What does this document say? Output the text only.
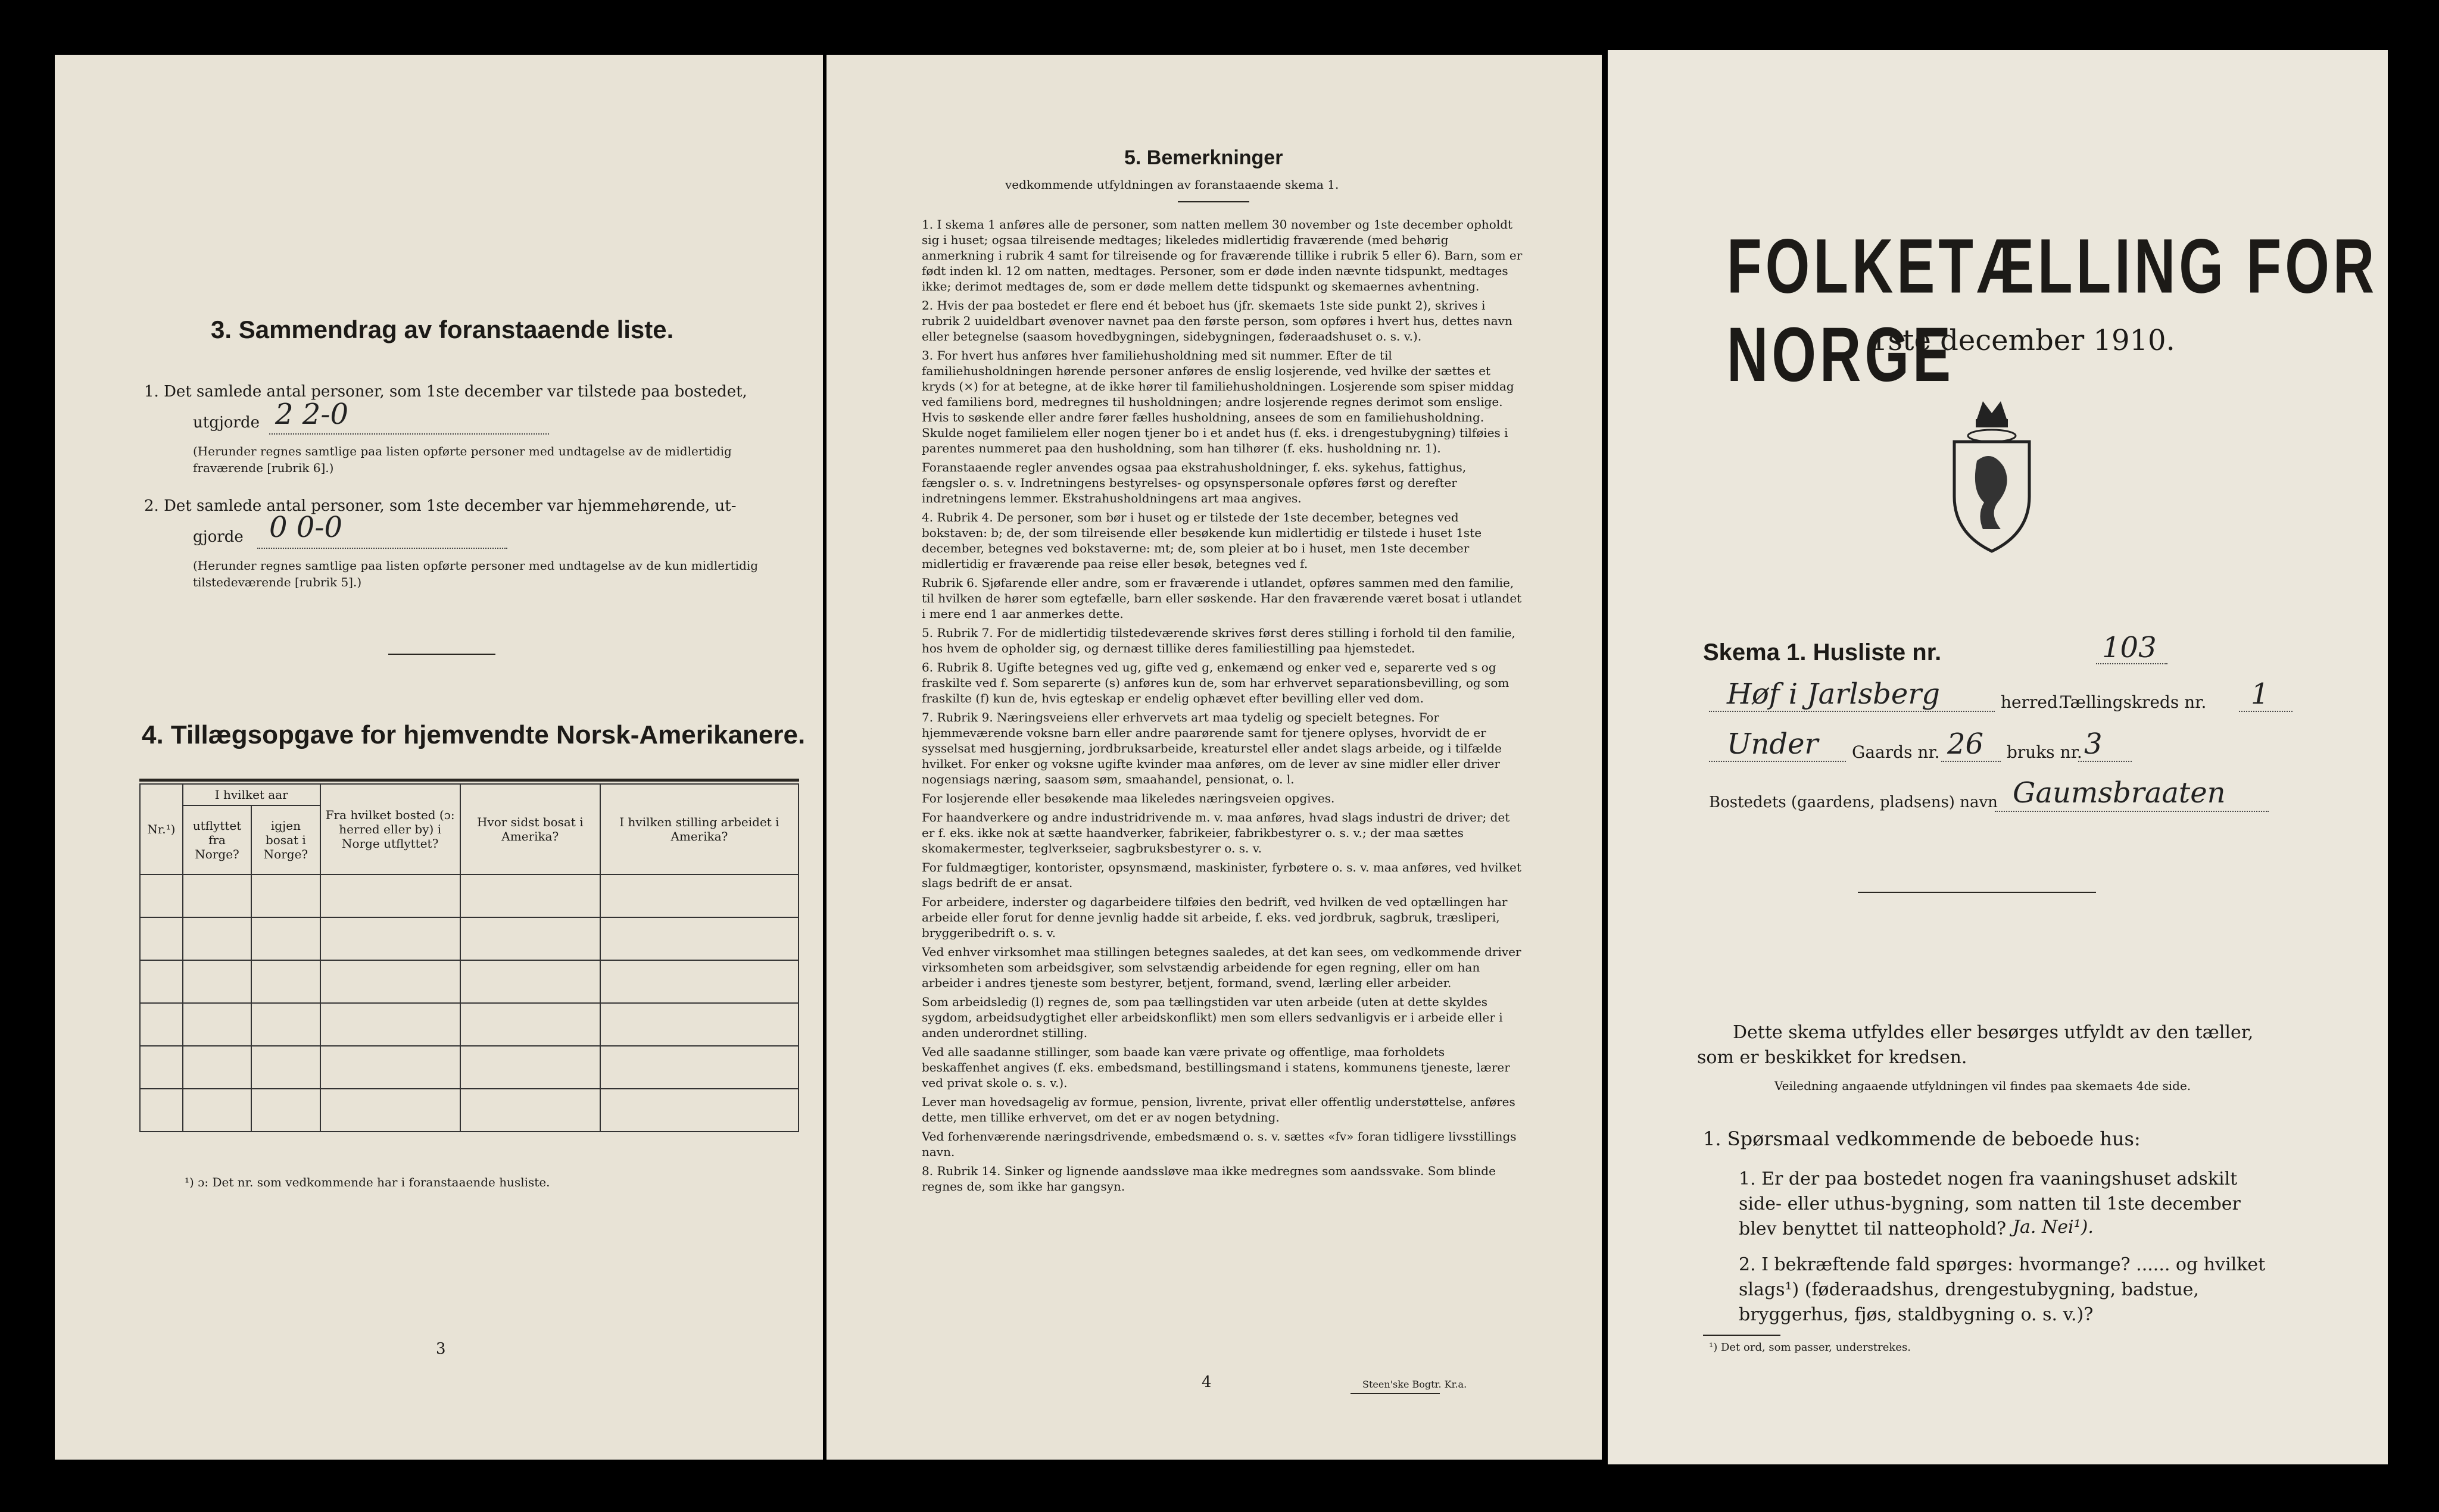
3. Sammendrag av foranstaaende liste.
1. Det samlede antal personer, som 1ste december var tilstede paa bostedet,
utgjorde 2 2-0
(Herunder regnes samtlige paa listen opførte personer med undtagelse av de midlertidig fraværende [rubrik 6].)
2. Det samlede antal personer, som 1ste december var hjemmehørende, ut-
gjorde 0 0-0
(Herunder regnes samtlige paa listen opførte personer med undtagelse av de kun midlertidig tilstedeværende [rubrik 5].)
4. Tillægsopgave for hjemvendte Norsk-Amerikanere.
Nr.¹)	I hvilket aar		Fra hvilket bosted (ɔ: herred eller by) i Norge utflyttet?	Hvor sidst bosat i Amerika?	I hvilken stilling arbeidet i Amerika?
	utflyttet fra Norge?	igjen bosat i Norge?			

¹) ɔ: Det nr. som vedkommende har i foranstaaende husliste.
3
5. Bemerkninger
vedkommende utfyldningen av foranstaaende skema 1.

1. I skema 1 anføres alle de personer, som natten mellem 30 november og 1ste december opholdt sig i huset; ogsaa tilreisende medtages; likeledes midlertidig fraværende (med behørig anmerkning i rubrik 4 samt for tilreisende og for fraværende tillike i rubrik 5 eller 6). Barn, som er født inden kl. 12 om natten, medtages. Personer, som er døde inden nævnte tidspunkt, medtages ikke; derimot medtages de, som er døde mellem dette tidspunkt og skemaernes avhentning.

2. Hvis der paa bostedet er flere end ét beboet hus (jfr. skemaets 1ste side punkt 2), skrives i rubrik 2 uuideldbart øvenover navnet paa den første person, som opføres i hvert hus, dettes navn eller betegnelse (saasom hovedbygningen, sidebygningen, føderaadshuset o. s. v.).

3. For hvert hus anføres hver familiehusholdning med sit nummer. Efter de til familiehusholdningen hørende personer anføres de enslig losjerende, ved hvilke der sættes et kryds (×) for at betegne, at de ikke hører til familiehusholdningen. Losjerende som spiser middag ved familiens bord, medregnes til husholdningen; andre losjerende regnes derimot som enslige. Hvis to søskende eller andre fører fælles husholdning, ansees de som en familiehusholdning. Skulde noget familielem eller nogen tjener bo i et andet hus (f. eks. i drengestubygning) tilføies i parentes nummeret paa den husholdning, som han tilhører (f. eks. husholdning nr. 1).

Foranstaaende regler anvendes ogsaa paa ekstrahusholdninger, f. eks. sykehus, fattighus, fængsler o. s. v. Indretningens bestyrelses- og opsynspersonale opføres først og derefter indretningens lemmer. Ekstrahusholdningens art maa angives.

4. Rubrik 4. De personer, som bør i huset og er tilstede der 1ste december, betegnes ved bokstaven: b; de, der som tilreisende eller besøkende kun midlertidig er tilstede i huset 1ste december, betegnes ved bokstaverne: mt; de, som pleier at bo i huset, men 1ste december midlertidig er fraværende paa reise eller besøk, betegnes ved f.

Rubrik 6. Sjøfarende eller andre, som er fraværende i utlandet, opføres sammen med den familie, til hvilken de hører som egtefælle, barn eller søskende. Har den fraværende været bosat i utlandet i mere end 1 aar anmerkes dette.

5. Rubrik 7. For de midlertidig tilstedeværende skrives først deres stilling i forhold til den familie, hos hvem de opholder sig, og dernæst tillike deres familiestilling paa hjemstedet.

6. Rubrik 8. Ugifte betegnes ved ug, gifte ved g, enkemænd og enker ved e, separerte ved s og fraskilte ved f. Som separerte (s) anføres kun de, som har erhvervet separationsbevilling, og som fraskilte (f) kun de, hvis egteskap er endelig ophævet efter bevilling eller ved dom.

7. Rubrik 9. Næringsveiens eller erhvervets art maa tydelig og specielt betegnes. For hjemmeværende voksne barn eller andre paarørende samt for tjenere oplyses, hvorvidt de er sysselsat med husgjerning, jordbruksarbeide, kreaturstel eller andet slags arbeide, og i tilfælde hvilket. For enker og voksne ugifte kvinder maa anføres, om de lever av sine midler eller driver nogensiags næring, saasom søm, smaahandel, pensionat, o. l.

For losjerende eller besøkende maa likeledes næringsveien opgives.

For haandverkere og andre industridrivende m. v. maa anføres, hvad slags industri de driver; det er f. eks. ikke nok at sætte haandverker, fabrikeier, fabrikbestyrer o. s. v.; der maa sættes skomakermester, teglverkseier, sagbruksbestyrer o. s. v.

For fuldmægtiger, kontorister, opsynsmænd, maskinister, fyrbøtere o. s. v. maa anføres, ved hvilket slags bedrift de er ansat.

For arbeidere, inderster og dagarbeidere tilføies den bedrift, ved hvilken de ved optællingen har arbeide eller forut for denne jevnlig hadde sit arbeide, f. eks. ved jordbruk, sagbruk, træsliperi, bryggeribedrift o. s. v.

Ved enhver virksomhet maa stillingen betegnes saaledes, at det kan sees, om vedkommende driver virksomheten som arbeidsgiver, som selvstændig arbeidende for egen regning, eller om han arbeider i andres tjeneste som bestyrer, betjent, formand, svend, lærling eller arbeider.

Som arbeidsledig (l) regnes de, som paa tællingstiden var uten arbeide (uten at dette skyldes sygdom, arbeidsudygtighet eller arbeidskonflikt) men som ellers sedvanligvis er i arbeide eller i anden underordnet stilling.

Ved alle saadanne stillinger, som baade kan være private og offentlige, maa forholdets beskaffenhet angives (f. eks. embedsmand, bestillingsmand i statens, kommunens tjeneste, lærer ved privat skole o. s. v.).

Lever man hovedsagelig av formue, pension, livrente, privat eller offentlig understøttelse, anføres dette, men tillike erhvervet, om det er av nogen betydning.

Ved forhenværende næringsdrivende, embedsmænd o. s. v. sættes «fv» foran tidligere livsstillings navn.

8. Rubrik 14. Sinker og lignende aandssløve maa ikke medregnes som aandssvake. Som blinde regnes de, som ikke har gangsyn.

4	Steen'ske Bogtr. Kr.a.
FOLKETÆLLING FOR NORGE
1ste december 1910.
Skema 1. Husliste nr.	103
Høf i Jarlsberg	herred.
Tællingskreds nr. 1
Under Gaards nr. 26 bruks nr. 3
Bostedets (gaardens, pladsens) navn Gaumsbraaten
Dette skema utfyldes eller besørges utfyldt av den tæller, som er beskikket for kredsen.
Veiledning angaaende utfyldningen vil findes paa skemaets 4de side.
1. Spørsmaal vedkommende de beboede hus:
1. Er der paa bostedet nogen fra vaaningshuset adskilt side- eller uthus-bygning, som natten til 1ste december blev benyttet til natteophold? Ja. Nei¹).
2. I bekræftende fald spørges: hvormange? ...... og hvilket slags¹) (føderaadshus, drengestubygning, badstue, bryggerhus, fjøs, staldbygning o. s. v.)?
¹) Det ord, som passer, understrekes.
